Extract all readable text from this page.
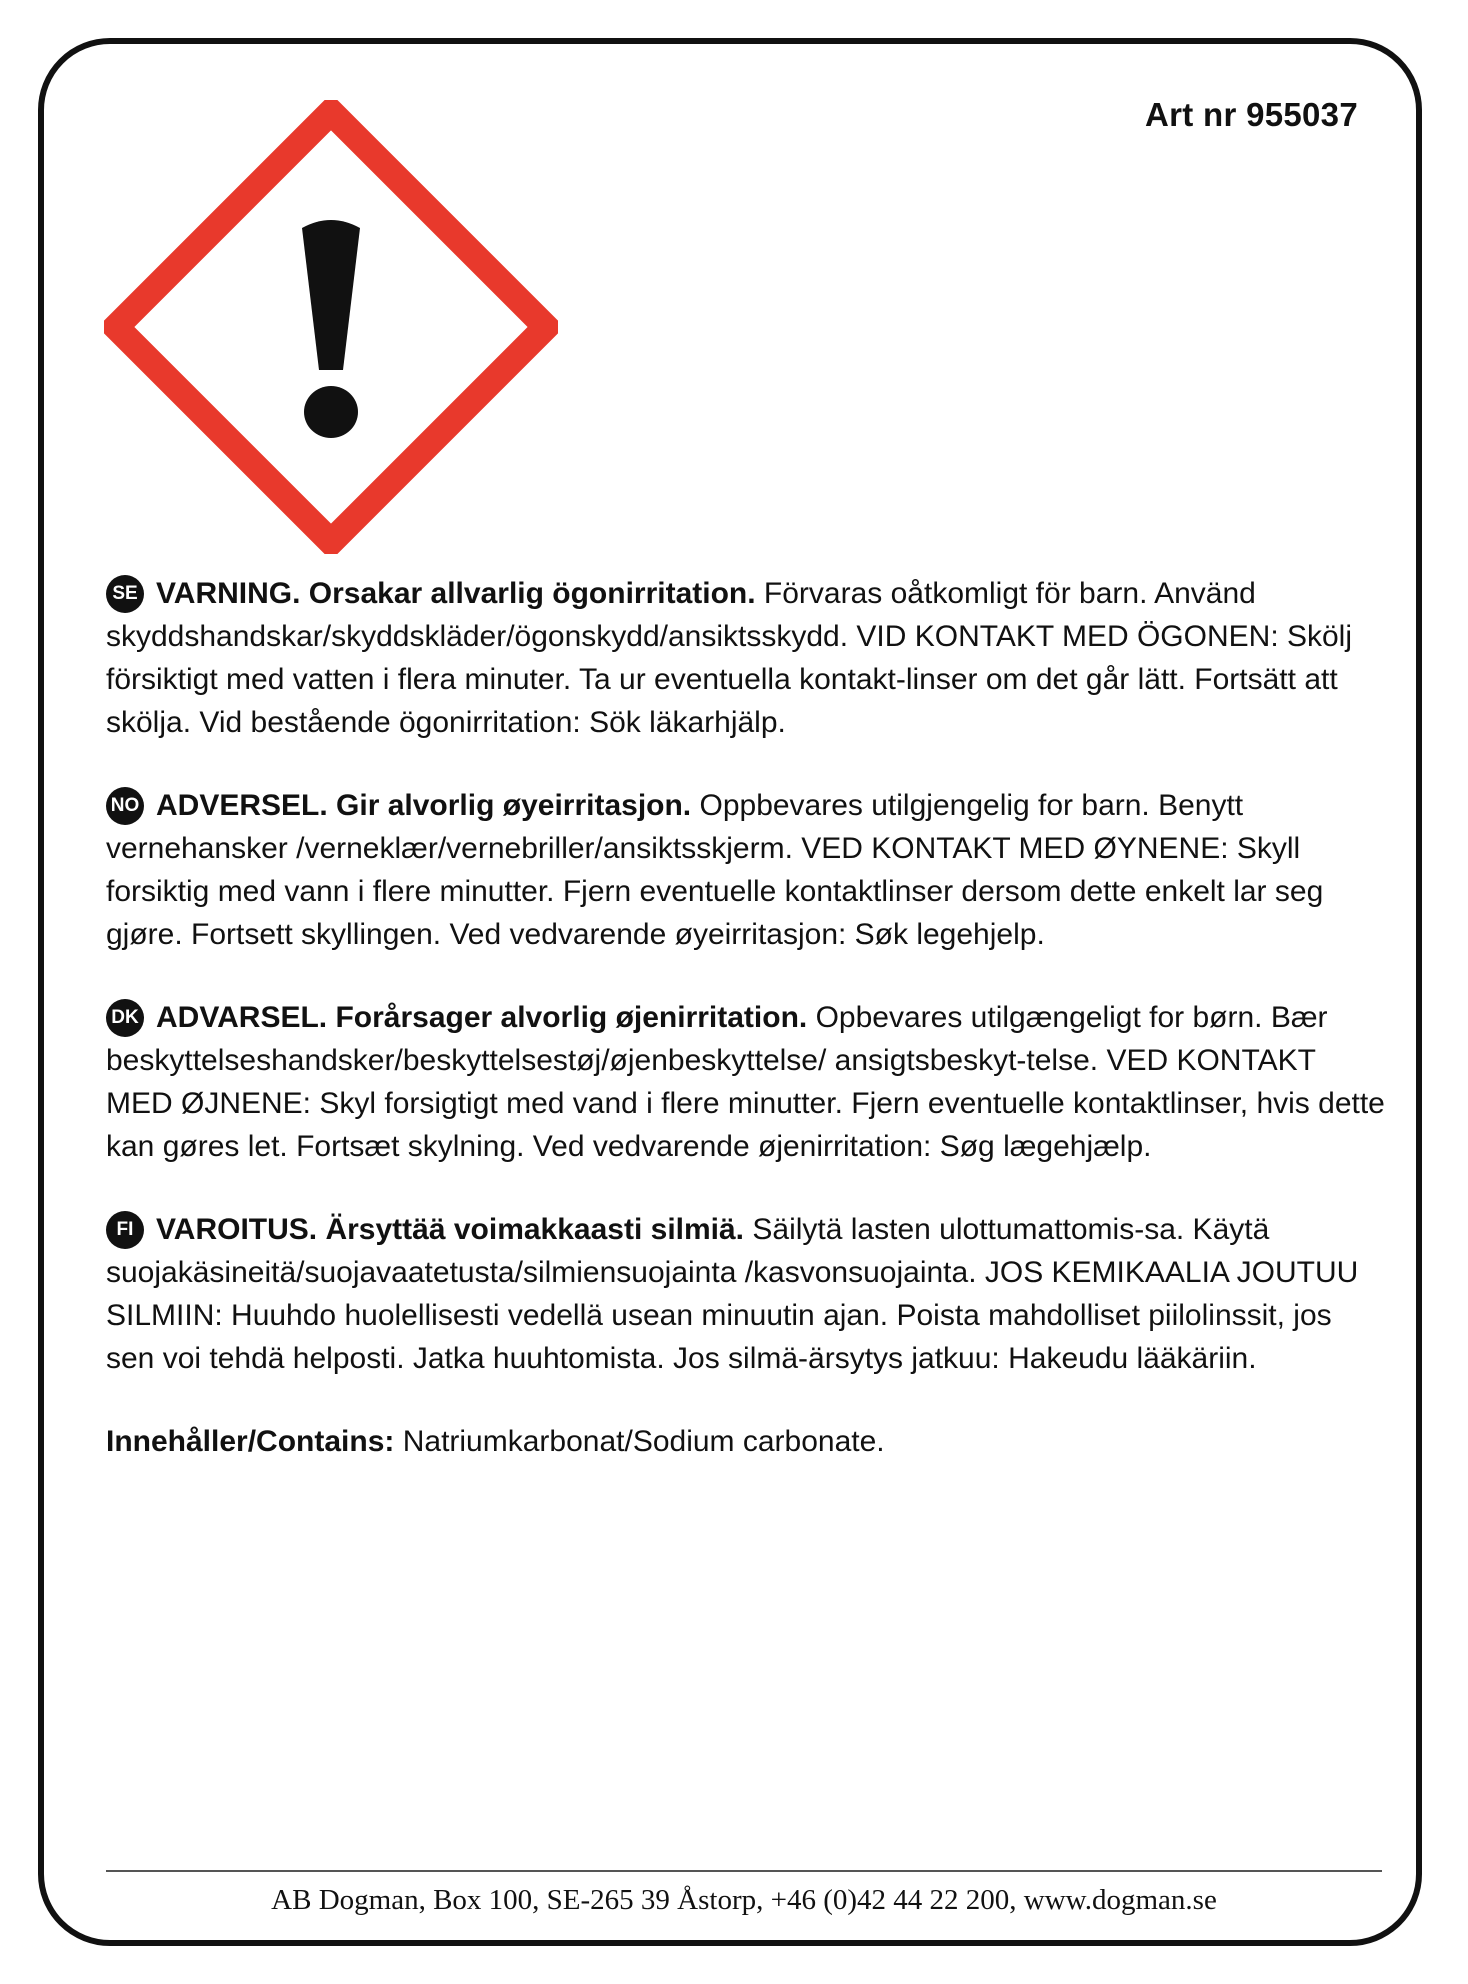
Art nr 955037
SE VARNING. Orsakar allvarlig ögonirritation. Förvaras oåtkomligt för barn. Använd skyddshandskar/skyddskläder/ögonskydd/ansiktsskydd. VID KONTAKT MED ÖGONEN: Skölj försiktigt med vatten i flera minuter. Ta ur eventuella kontakt-linser om det går lätt. Fortsätt att skölja. Vid bestående ögonirritation: Sök läkarhjälp.
NO ADVERSEL. Gir alvorlig øyeirritasjon. Oppbevares utilgjengelig for barn. Benytt vernehansker /verneklær/vernebriller/ansiktsskjerm. VED KONTAKT MED ØYNENE: Skyll forsiktig med vann i flere minutter. Fjern eventuelle kontaktlinser dersom dette enkelt lar seg gjøre. Fortsett skyllingen. Ved vedvarende øyeirritasjon: Søk legehjelp.
DK ADVARSEL. Forårsager alvorlig øjenirritation. Opbevares utilgængeligt for børn. Bær beskyttelseshandsker/beskyttelsestøj/øjenbeskyttelse/ ansigtsbeskyt-telse. VED KONTAKT MED ØJNENE: Skyl forsigtigt med vand i flere minutter. Fjern eventuelle kontaktlinser, hvis dette kan gøres let. Fortsæt skylning. Ved vedvarende øjenirritation: Søg lægehjælp.
FI VAROITUS. Ärsyttää voimakkaasti silmiä. Säilytä lasten ulottumattomis-sa. Käytä suojakäsineitä/suojavaatetusta/silmiensuojainta /kasvonsuojainta. JOS KEMIKAALIA JOUTUU SILMIIN: Huuhdo huolellisesti vedellä usean minuutin ajan. Poista mahdolliset piilolinssit, jos sen voi tehdä helposti. Jatka huuhtomista. Jos silmä-ärsytys jatkuu: Hakeudu lääkäriin.
Innehåller/Contains: Natriumkarbonat/Sodium carbonate.
AB Dogman, Box 100, SE-265 39 Åstorp, +46 (0)42 44 22 200, www.dogman.se
